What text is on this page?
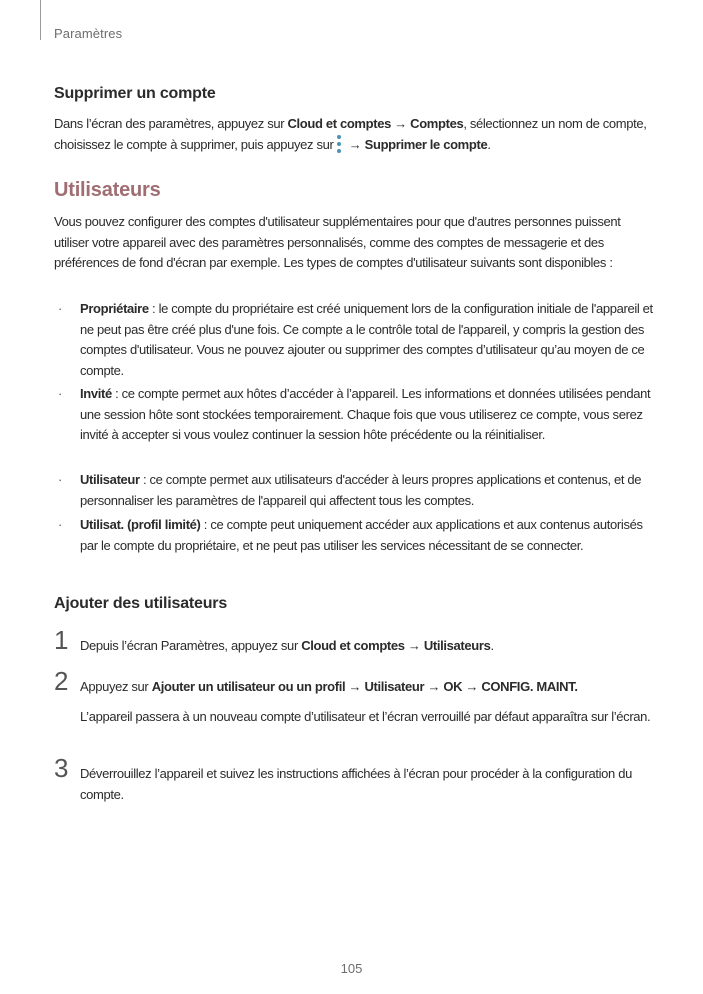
Paramètres
Supprimer un compte
Dans l’écran des paramètres, appuyez sur Cloud et comptes → Comptes, sélectionnez un nom de compte, choisissez le compte à supprimer, puis appuyez sur
→ Supprimer le compte.
Utilisateurs
Vous pouvez configurer des comptes d'utilisateur supplémentaires pour que d'autres personnes puissent utiliser votre appareil avec des paramètres personnalisés, comme des comptes de messagerie et des préférences de fond d'écran par exemple. Les types de comptes d'utilisateur suivants sont disponibles :
· Propriétaire : le compte du propriétaire est créé uniquement lors de la configuration initiale de l'appareil et ne peut pas être créé plus d'une fois. Ce compte a le contrôle total de l'appareil, y compris la gestion des comptes d'utilisateur. Vous ne pouvez ajouter ou supprimer des comptes d’utilisateur qu’au moyen de ce compte.
· Invité : ce compte permet aux hôtes d’accéder à l’appareil. Les informations et données utilisées pendant une session hôte sont stockées temporairement. Chaque fois que vous utiliserez ce compte, vous serez invité à accepter si vous voulez continuer la session hôte précédente ou la réinitialiser.
· Utilisateur : ce compte permet aux utilisateurs d'accéder à leurs propres applications et contenus, et de personnaliser les paramètres de l'appareil qui affectent tous les comptes.
· Utilisat. (profil limité) : ce compte peut uniquement accéder aux applications et aux contenus autorisés par le compte du propriétaire, et ne peut pas utiliser les services nécessitant de se connecter.
Ajouter des utilisateurs
1 Depuis l’écran Paramètres, appuyez sur Cloud et comptes → Utilisateurs.
2 Appuyez sur Ajouter un utilisateur ou un profil → Utilisateur → OK → CONFIG. MAINT.
L’appareil passera à un nouveau compte d’utilisateur et l’écran verrouillé par défaut apparaîtra sur l’écran.
3 Déverrouillez l’appareil et suivez les instructions affichées à l’écran pour procéder à la configuration du compte.
105
